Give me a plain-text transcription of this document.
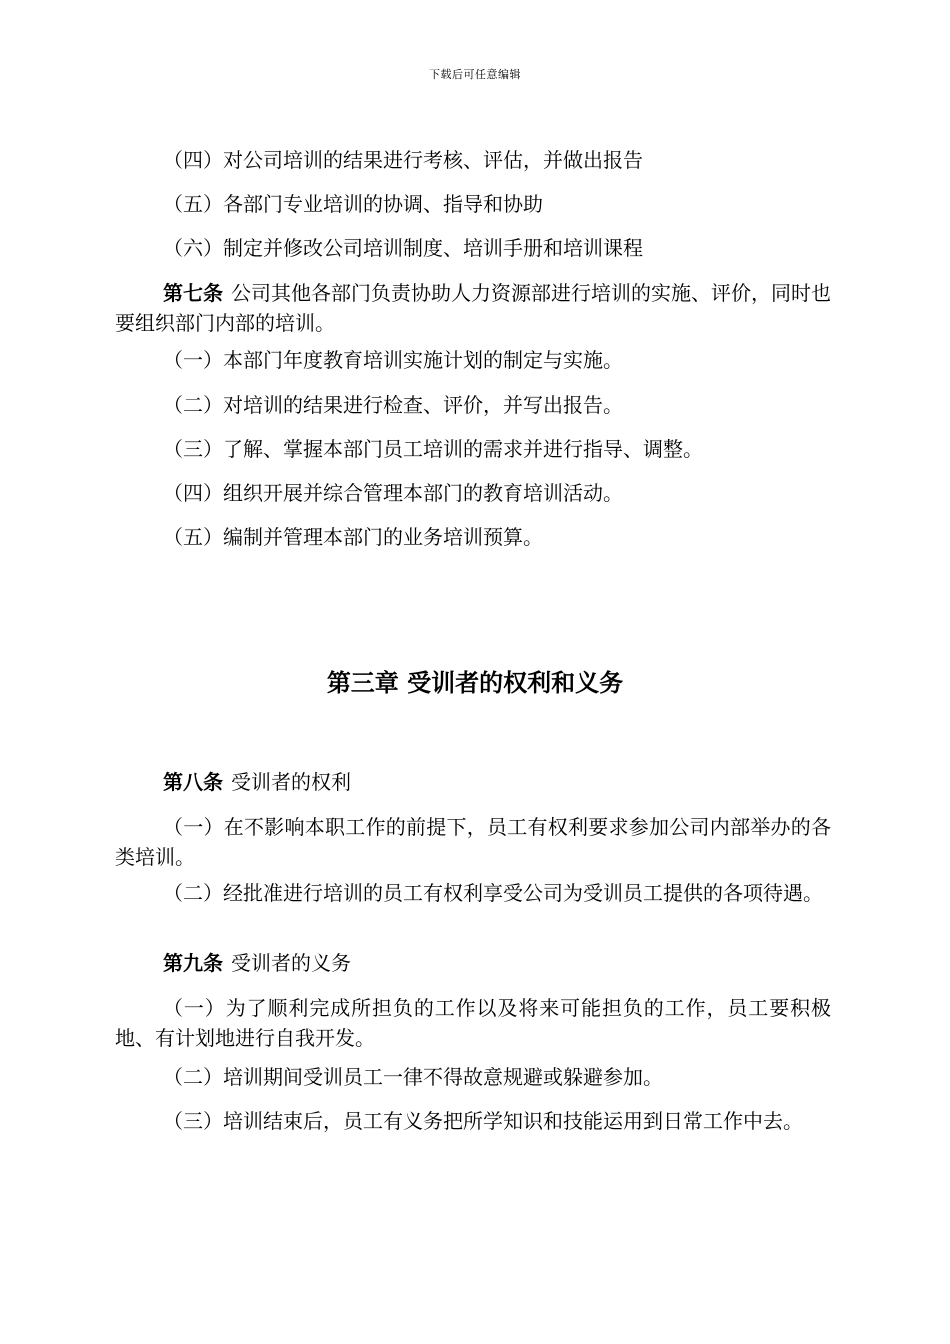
下载后可任意编辑

（四）对公司培训的结果进行考核、评估，并做出报告

（五）各部门专业培训的协调、指导和协助

（六）制定并修改公司培训制度、培训手册和培训课程

第七条 公司其他各部门负责协助人力资源部进行培训的实施、评价，同时也要组织部门内部的培训。

（一）本部门年度教育培训实施计划的制定与实施。

（二）对培训的结果进行检查、评价，并写出报告。

（三）了解、掌握本部门员工培训的需求并进行指导、调整。

（四）组织开展并综合管理本部门的教育培训活动。

（五）编制并管理本部门的业务培训预算。

第三章 受训者的权利和义务

第八条 受训者的权利

（一）在不影响本职工作的前提下，员工有权利要求参加公司内部举办的各类培训。

（二）经批准进行培训的员工有权利享受公司为受训员工提供的各项待遇。

第九条 受训者的义务

（一）为了顺利完成所担负的工作以及将来可能担负的工作，员工要积极地、有计划地进行自我开发。

（二）培训期间受训员工一律不得故意规避或躲避参加。

（三）培训结束后，员工有义务把所学知识和技能运用到日常工作中去。
